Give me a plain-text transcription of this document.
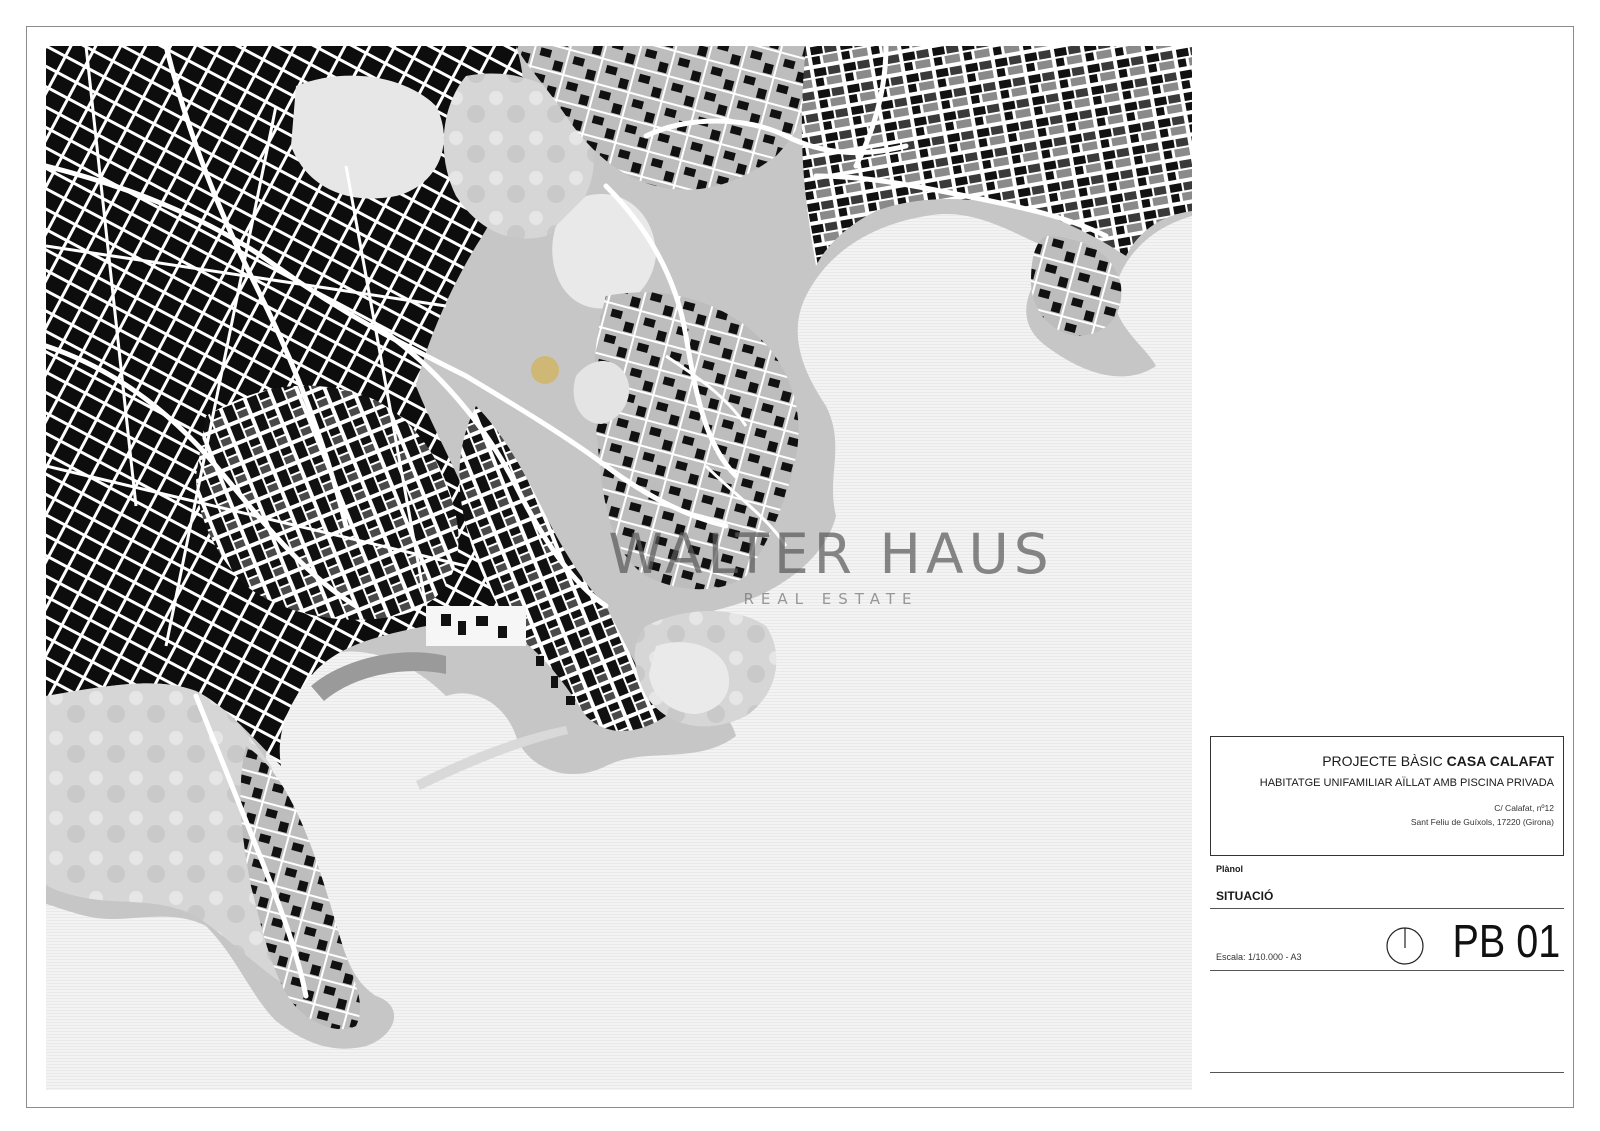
WALTER HAUS
REAL ESTATE
PROJECTE BÀSIC CASA CALAFAT
HABITATGE UNIFAMILIAR AÏLLAT AMB PISCINA PRIVADA
C/ Calafat, nº12
Sant Feliu de Guíxols, 17220 (Girona)
Plànol
SITUACIÓ
Escala: 1/10.000 - A3	PB 01
